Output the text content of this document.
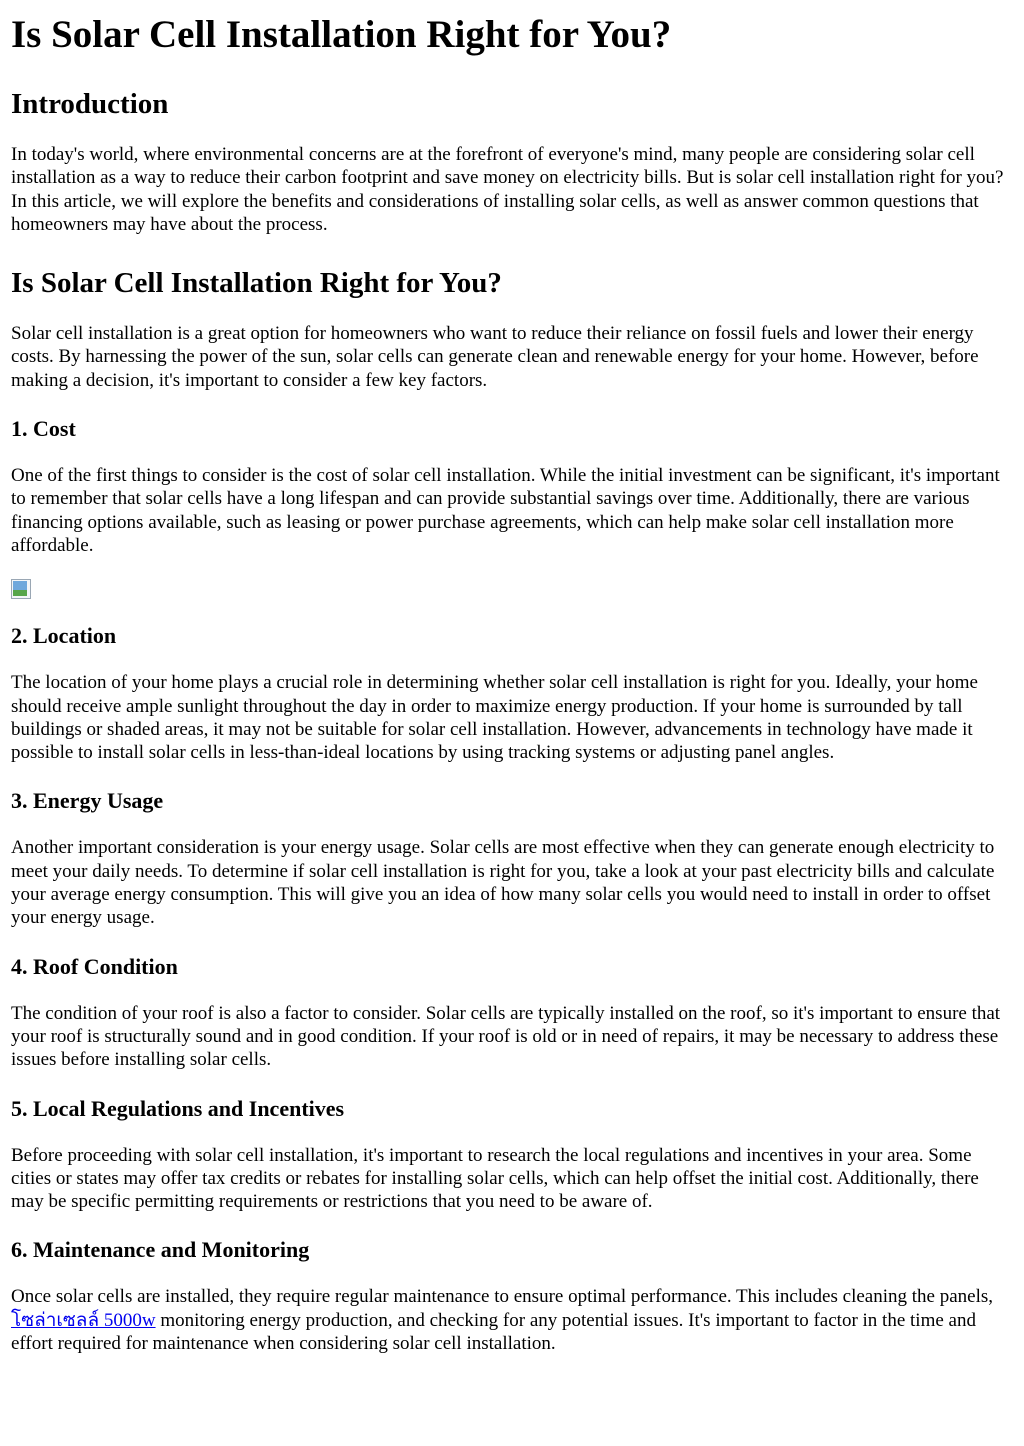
Is Solar Cell Installation Right for You?
Introduction

In today's world, where environmental concerns are at the forefront of everyone's mind, many people are considering solar cell installation as a way to reduce their carbon footprint and save money on electricity bills. But is solar cell installation right for you? In this article, we will explore the benefits and considerations of installing solar cells, as well as answer common questions that homeowners may have about the process.

Is Solar Cell Installation Right for You?

Solar cell installation is a great option for homeowners who want to reduce their reliance on fossil fuels and lower their energy costs. By harnessing the power of the sun, solar cells can generate clean and renewable energy for your home. However, before making a decision, it's important to consider a few key factors.

1. Cost

One of the first things to consider is the cost of solar cell installation. While the initial investment can be significant, it's important to remember that solar cells have a long lifespan and can provide substantial savings over time. Additionally, there are various financing options available, such as leasing or power purchase agreements, which can help make solar cell installation more affordable.

2. Location

The location of your home plays a crucial role in determining whether solar cell installation is right for you. Ideally, your home should receive ample sunlight throughout the day in order to maximize energy production. If your home is surrounded by tall buildings or shaded areas, it may not be suitable for solar cell installation. However, advancements in technology have made it possible to install solar cells in less-than-ideal locations by using tracking systems or adjusting panel angles.

3. Energy Usage

Another important consideration is your energy usage. Solar cells are most effective when they can generate enough electricity to meet your daily needs. To determine if solar cell installation is right for you, take a look at your past electricity bills and calculate your average energy consumption. This will give you an idea of how many solar cells you would need to install in order to offset your energy usage.

4. Roof Condition

The condition of your roof is also a factor to consider. Solar cells are typically installed on the roof, so it's important to ensure that your roof is structurally sound and in good condition. If your roof is old or in need of repairs, it may be necessary to address these issues before installing solar cells.

5. Local Regulations and Incentives

Before proceeding with solar cell installation, it's important to research the local regulations and incentives in your area. Some cities or states may offer tax credits or rebates for installing solar cells, which can help offset the initial cost. Additionally, there may be specific permitting requirements or restrictions that you need to be aware of.

6. Maintenance and Monitoring

Once solar cells are installed, they require regular maintenance to ensure optimal performance. This includes cleaning the panels, โซล่าเซลล์ 5000w monitoring energy production, and checking for any potential issues. It's important to factor in the time and effort required for maintenance when considering solar cell installation.
